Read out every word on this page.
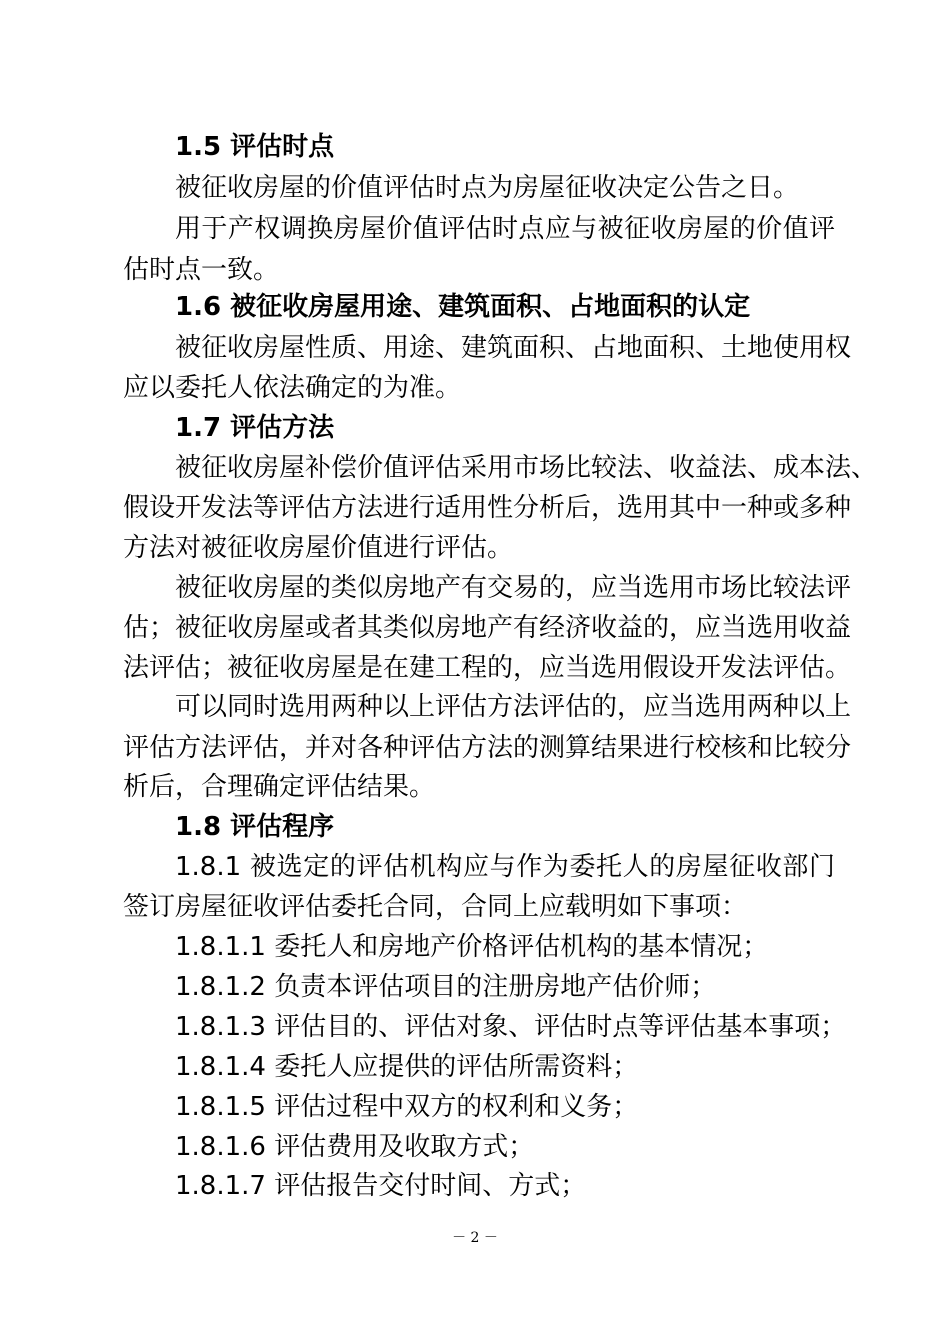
1.5 评估时点
被征收房屋的价值评估时点为房屋征收决定公告之日。
用于产权调换房屋价值评估时点应与被征收房屋的价值评
估时点一致。
1.6 被征收房屋用途、建筑面积、占地面积的认定
被征收房屋性质、用途、建筑面积、占地面积、土地使用权
应以委托人依法确定的为准。
1.7 评估方法
被征收房屋补偿价值评估采用市场比较法、收益法、成本法、
假设开发法等评估方法进行适用性分析后，选用其中一种或多种
方法对被征收房屋价值进行评估。
被征收房屋的类似房地产有交易的，应当选用市场比较法评
估；被征收房屋或者其类似房地产有经济收益的，应当选用收益
法评估；被征收房屋是在建工程的，应当选用假设开发法评估。
可以同时选用两种以上评估方法评估的，应当选用两种以上
评估方法评估，并对各种评估方法的测算结果进行校核和比较分
析后，合理确定评估结果。
1.8 评估程序
1.8.1 被选定的评估机构应与作为委托人的房屋征收部门
签订房屋征收评估委托合同，合同上应载明如下事项：
1.8.1.1 委托人和房地产价格评估机构的基本情况；
1.8.1.2 负责本评估项目的注册房地产估价师；
1.8.1.3 评估目的、评估对象、评估时点等评估基本事项；
1.8.1.4 委托人应提供的评估所需资料；
1.8.1.5 评估过程中双方的权利和义务；
1.8.1.6 评估费用及收取方式；
1.8.1.7 评估报告交付时间、方式；
－ 2 －
